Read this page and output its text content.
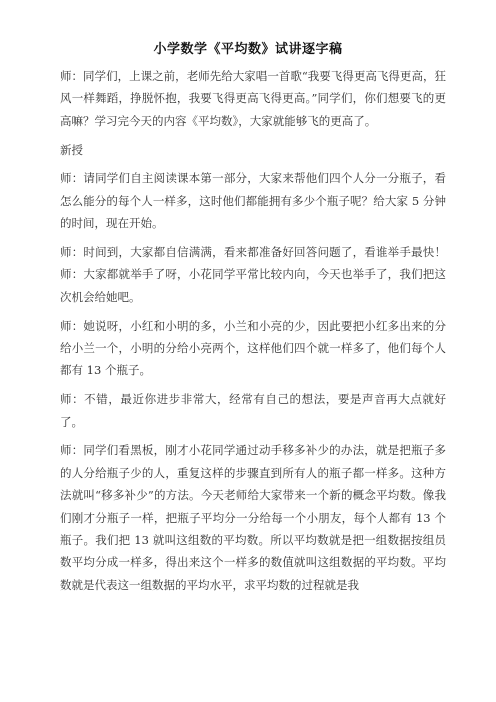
小学数学《平均数》试讲逐字稿

师：同学们，上课之前，老师先给大家唱一首歌“我要飞得更高飞得更高，狂风一样舞蹈，挣脱怀抱，我要飞得更高飞得更高。”同学们，你们想要飞的更高嘛？学习完今天的内容《平均数》，大家就能够飞的更高了。

新授

师：请同学们自主阅读课本第一部分，大家来帮他们四个人分一分瓶子，看怎么能分的每个人一样多，这时他们都能拥有多少个瓶子呢？给大家 5 分钟的时间，现在开始。

师：时间到，大家都自信满满，看来都准备好回答问题了，看谁举手最快！师：大家都就举手了呀，小花同学平常比较内向，今天也举手了，我们把这次机会给她吧。

师：她说呀，小红和小明的多，小兰和小亮的少，因此要把小红多出来的分给小兰一个，小明的分给小亮两个，这样他们四个就一样多了，他们每个人都有 13 个瓶子。

师：不错，最近你进步非常大，经常有自己的想法，要是声音再大点就好了。

师：同学们看黑板，刚才小花同学通过动手移多补少的办法，就是把瓶子多的人分给瓶子少的人，重复这样的步骤直到所有人的瓶子都一样多。这种方法就叫“移多补少”的方法。今天老师给大家带来一个新的概念平均数。像我们刚才分瓶子一样，把瓶子平均分一分给每一个小朋友，每个人都有 13 个瓶子。我们把 13 就叫这组数的平均数。所以平均数就是把一组数据按组员数平均分成一样多，得出来这个一样多的数值就叫这组数据的平均数。平均数就是代表这一组数据的平均水平，求平均数的过程就是我
